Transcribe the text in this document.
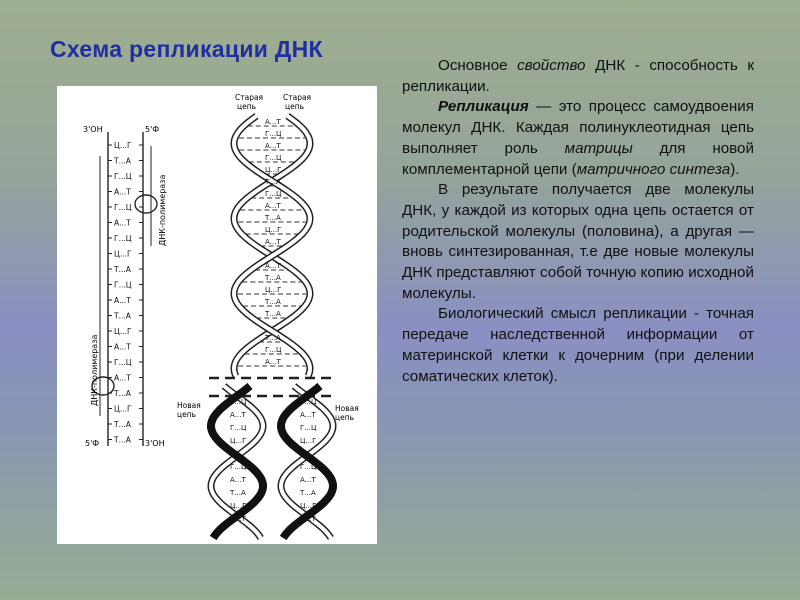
Схема репликации ДНК
Ц...Г
Т...А
Г...Ц
А...Т
Г...Ц
А...Т
Г...Ц
Ц...Г
Т...А
Г...Ц
А...Т
Т...А
Ц...Г
А...Т
Г...Ц
А...Т
Т...А
Ц...Г
Т...А
Т...А
3'ОН	5'Ф
5'Ф	3'ОН
ДНК-полимераза
ДНК-полимераза
А...Т
Г...Ц
А...Т
Г...Ц
Ц...Г
Т...А
Г...Ц
А...Т
Т...А
Ц...Г
А...Т
А...Т
Т...А
Ц...Г
Т...А
Т...А
Т...А
Г...Ц
А...Т
Г...Ц
А...Т
Г...Ц
Ц...Г
Г...Ц
А...Т
Т...А
Ц...Г
А...Т
Г...Ц
А...Т
Г...Ц
Ц...Г
Г...Ц
А...Т
Т...А
Ц...Г
А...Т
Старая цепь
Старая цепь
Новая цепь
Новая цепь

Основное свойство ДНК - способность к репликации.

Репликация — это процесс самоудвоения молекул ДНК. Каждая полинуклеотидная цепь выполняет роль матрицы для новой комплементарной цепи (матричного синтеза).

В результате получается две молекулы ДНК, у каждой из которых одна цепь остается от родительской молекулы (половина), а другая — вновь синтезированная, т.е две новые молекулы ДНК представляют собой точную копию исходной молекулы.

Биологический смысл репликации - точная передаче наследственной информации от материнской клетки к дочерним (при делении соматических клеток).
